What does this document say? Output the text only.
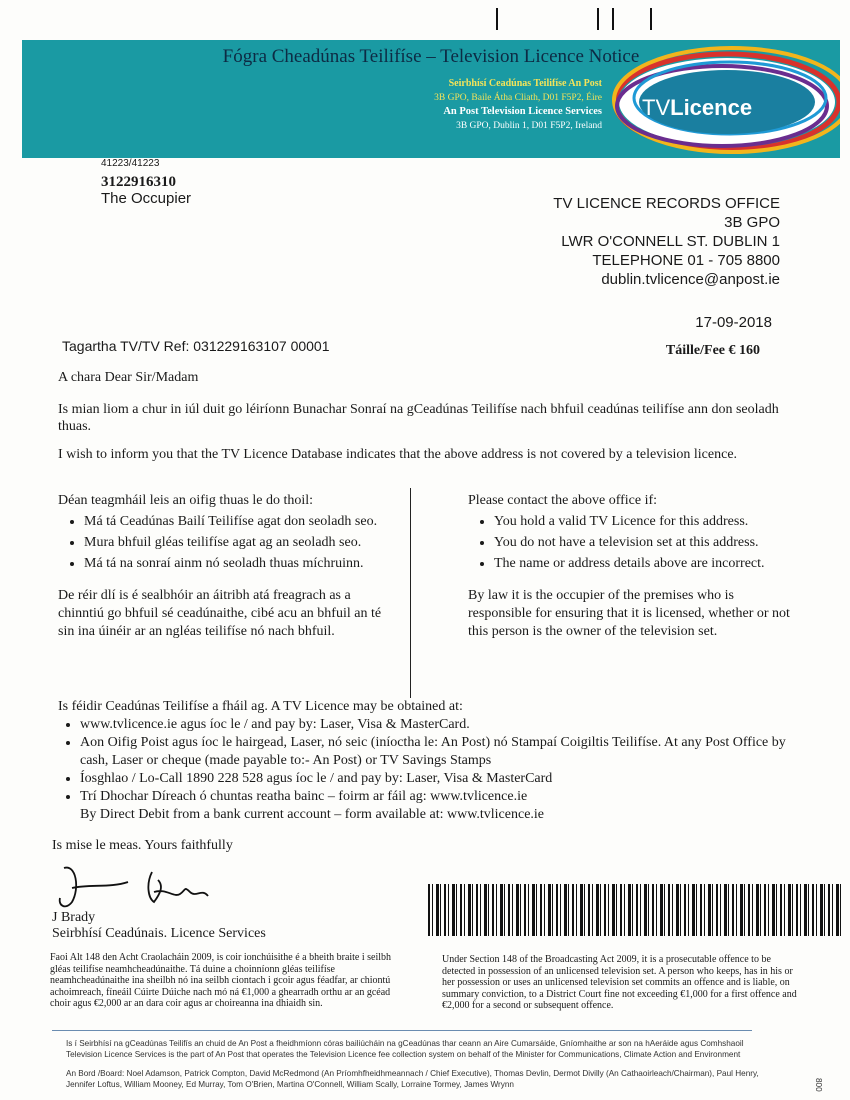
Fógra Cheadúnas Teilifíse – Television Licence Notice
Seirbhísí Ceadúnas Teilifíse An Post
3B GPO, Baile Átha Cliath, D01 F5P2, Éire
An Post Television Licence Services
3B GPO, Dublin 1, D01 F5P2, Ireland
TVLicence
41223/41223
3122916310
The Occupier	TV LICENCE RECORDS OFFICE
3B GPO
LWR O'CONNELL ST. DUBLIN 1
TELEPHONE 01 - 705 8800
dublin.tvlicence@anpost.ie
17-09-2018
Tagartha TV/TV Ref: 031229163107 00001	Táille/Fee € 160
A chara Dear Sir/Madam
Is mian liom a chur in iúl duit go léiríonn Bunachar Sonraí na gCeadúnas Teilifíse nach bhfuil ceadúnas teilifíse ann don seoladh thuas.
I wish to inform you that the TV Licence Database indicates that the above address is not covered by a television licence.
Déan teagmháil leis an oifig thuas le do thoil:
• Má tá Ceadúnas Bailí Teilifíse agat don seoladh seo.
• Mura bhfuil gléas teilifíse agat ag an seoladh seo.
• Má tá na sonraí ainm nó seoladh thuas míchruinn.
De réir dlí is é sealbhóir an áitribh atá freagrach as a chinntiú go bhfuil sé ceadúnaithe, cibé acu an bhfuil an té sin ina úinéir ar an ngléas teilifíse nó nach bhfuil.
Please contact the above office if:
• You hold a valid TV Licence for this address.
• You do not have a television set at this address.
• The name or address details above are incorrect.
By law it is the occupier of the premises who is responsible for ensuring that it is licensed, whether or not this person is the owner of the television set.
Is féidir Ceadúnas Teilifíse a fháil ag. A TV Licence may be obtained at:
• www.tvlicence.ie agus íoc le / and pay by: Laser, Visa & MasterCard.
• Aon Oifig Poist agus íoc le hairgead, Laser, nó seic (iníoctha le: An Post) nó Stampaí Coigiltis Teilifíse. At any Post Office by cash, Laser or cheque (made payable to:- An Post) or TV Savings Stamps
• Íosghlao / Lo-Call 1890 228 528 agus íoc le / and pay by: Laser, Visa & MasterCard
• Trí Dhochar Díreach ó chuntas reatha bainc – foirm ar fáil ag: www.tvlicence.ie
By Direct Debit from a bank current account – form available at: www.tvlicence.ie
Is mise le meas. Yours faithfully
J Brady
Seirbhísí Ceadúnais. Licence Services
Faoi Alt 148 den Acht Craolacháin 2009, is coir ionchúisithe é a bheith braite i seilbh gléas teilifíse neamhcheadúnaithe. Tá duine a choinníonn gléas teilifíse neamhcheadúnaithe ina sheilbh nó ina seilbh ciontach i gcoir agus féadfar, ar chiontú achoimreach, fíneáil Cúirte Dúiche nach mó ná €1,000 a ghearradh orthu ar an gcéad choir agus €2,000 ar an dara coir agus ar choireanna ina dhiaidh sin.
Under Section 148 of the Broadcasting Act 2009, it is a prosecutable offence to be detected in possession of an unlicensed television set. A person who keeps, has in his or her possession or uses an unlicensed television set commits an offence and is liable, on summary conviction, to a District Court fine not exceeding €1,000 for a first offence and €2,000 for a second or subsequent offence.
Is í Seirbhísí na gCeadúnas Teilifís an chuid de An Post a fheidhmíonn córas bailiúcháin na gCeadúnas thar ceann an Aire Cumarsáide, Gníomhaithe ar son na hAeráide agus Comhshaoil
Television Licence Services is the part of An Post that operates the Television Licence fee collection system on behalf of the Minister for Communications, Climate Action and Environment
An Bord /Board: Noel Adamson, Patrick Compton, David McRedmond (An Príomhfheidhmeannach / Chief Executive), Thomas Devlin, Dermot Divilly (An Cathaoirleach/Chairman), Paul Henry,
Jennifer Loftus, William Mooney, Ed Murray, Tom O'Brien, Martina O'Connell, William Scally, Lorraine Tormey, James Wrynn	800
